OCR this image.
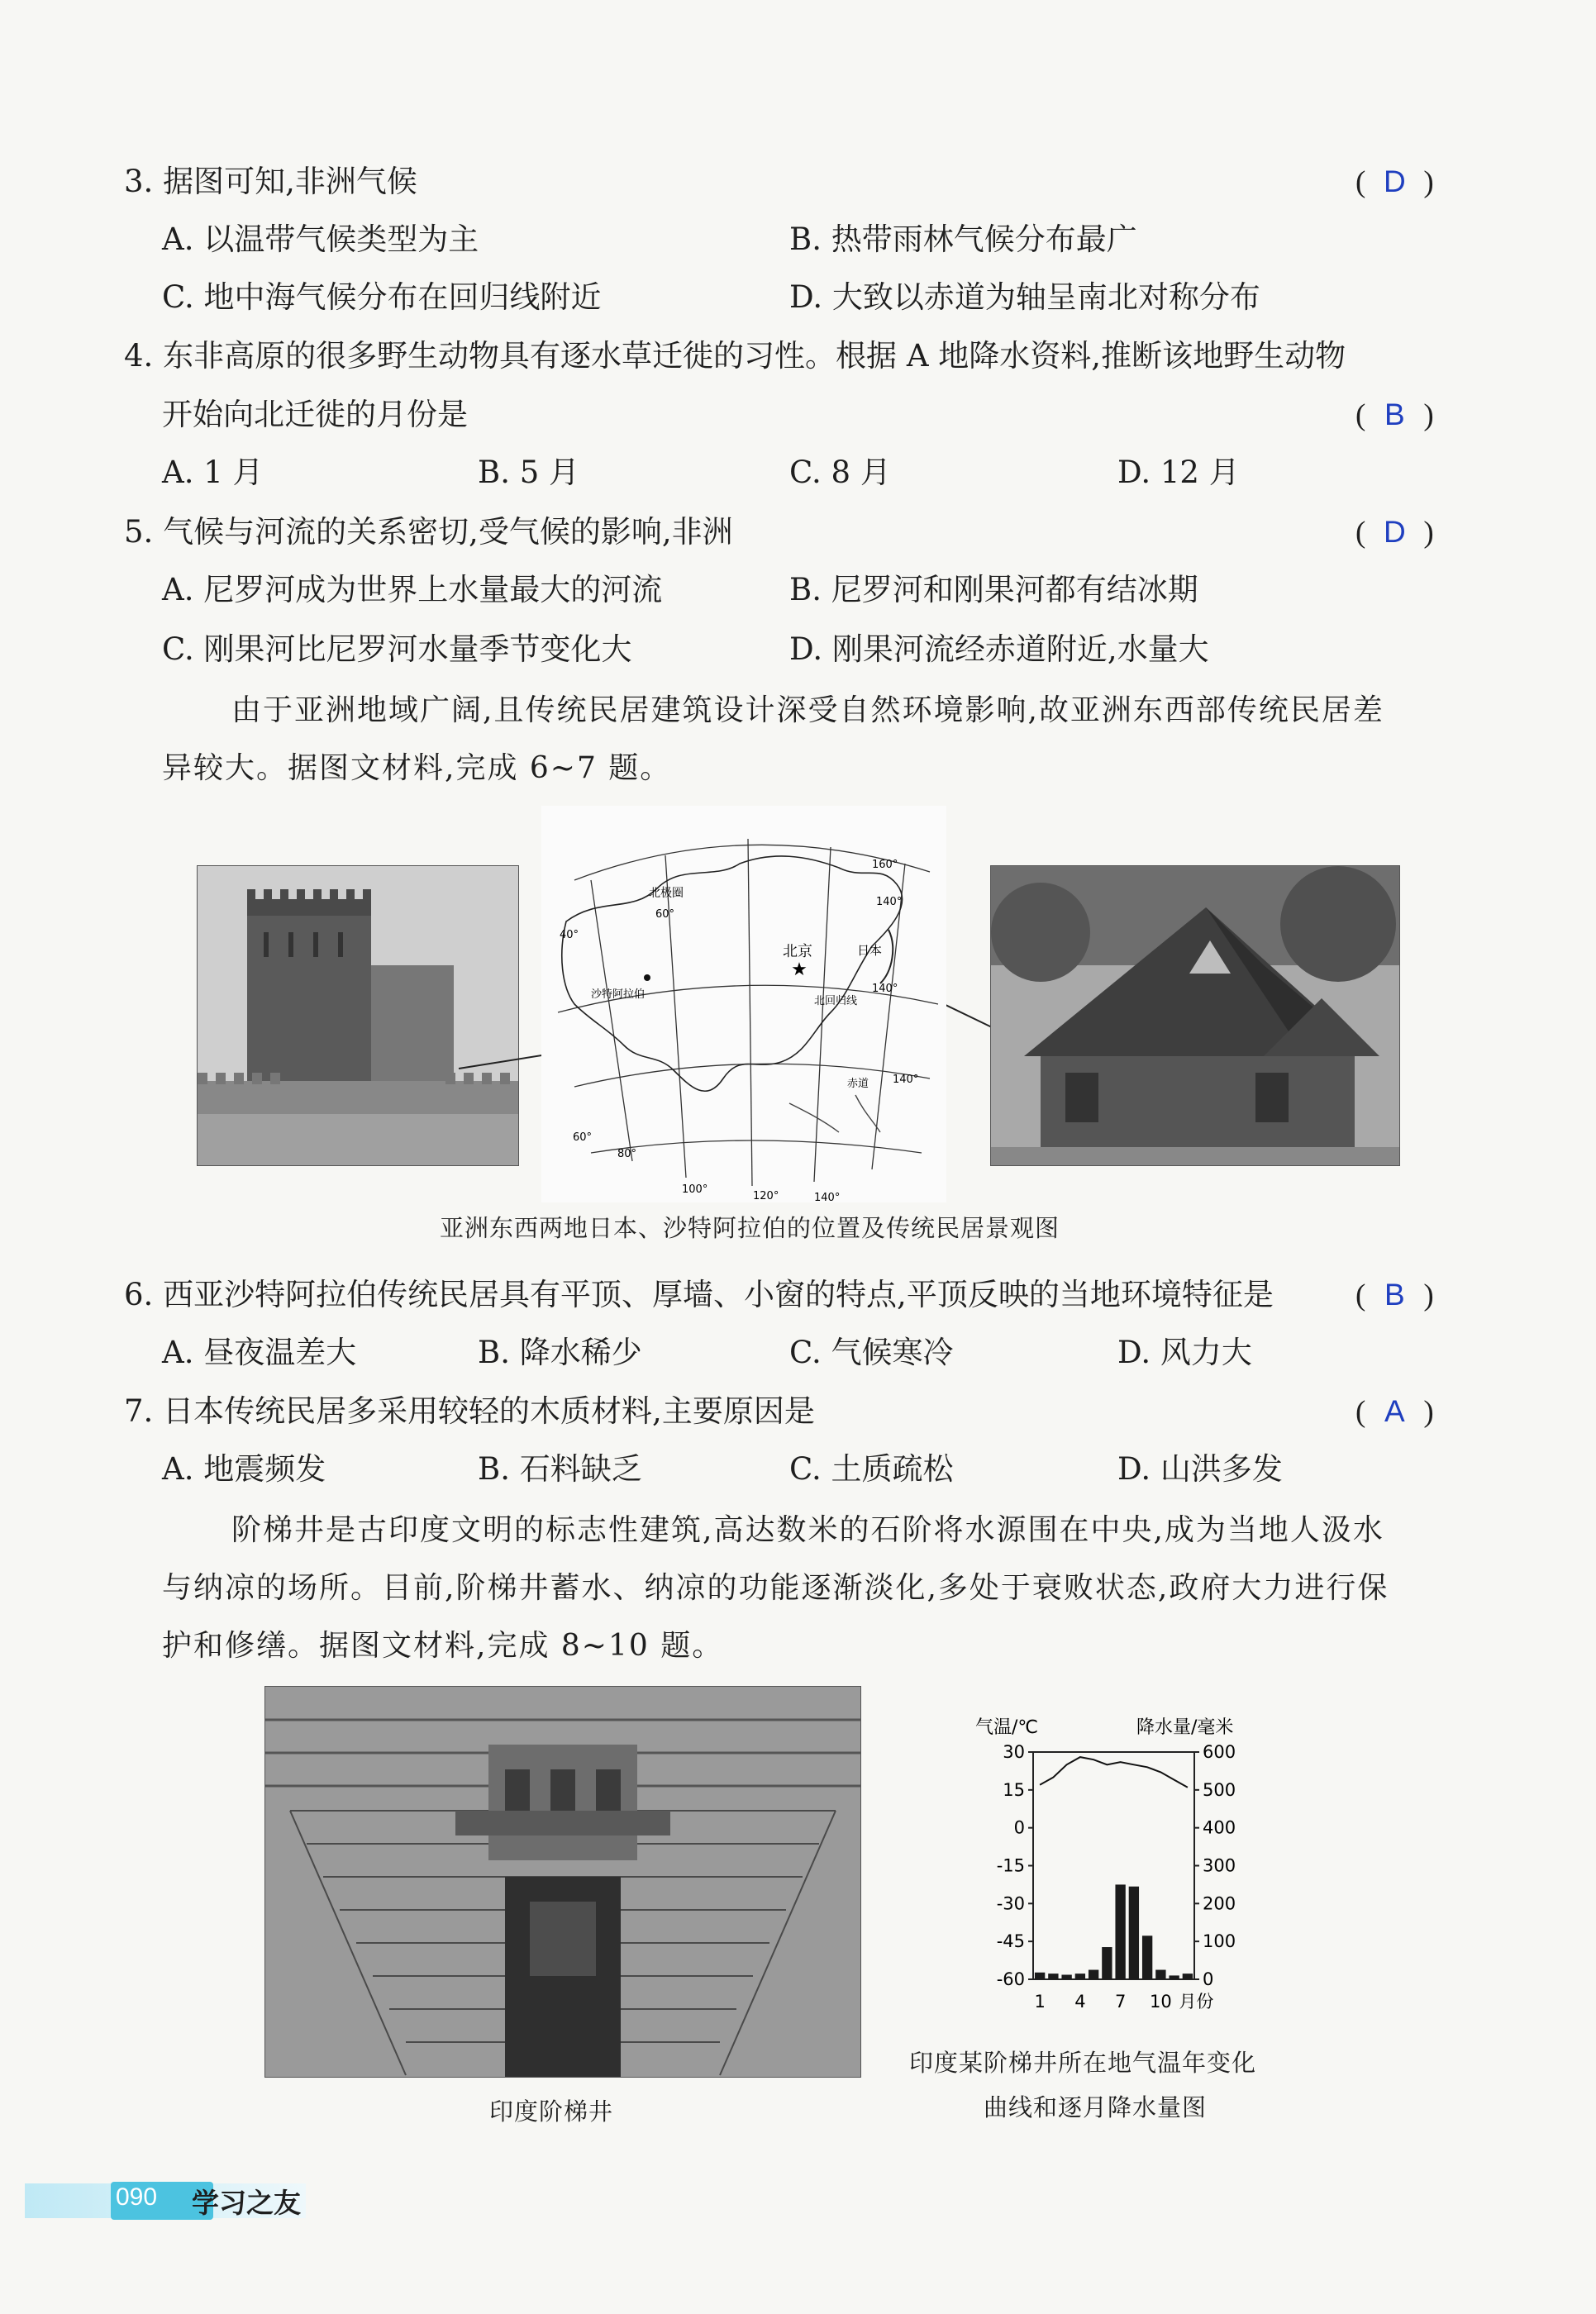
3. 据图可知,非洲气候	( D )
A. 以温带气候类型为主	B. 热带雨林气候分布最广
C. 地中海气候分布在回归线附近	D. 大致以赤道为轴呈南北对称分布
4. 东非高原的很多野生动物具有逐水草迁徙的习性。根据 A 地降水资料,推断该地野生动物
开始向北迁徙的月份是	( B )
A. 1 月	B. 5 月	C. 8 月	D. 12 月
5. 气候与河流的关系密切,受气候的影响,非洲	( D )
A. 尼罗河成为世界上水量最大的河流	B. 尼罗河和刚果河都有结冰期
C. 刚果河比尼罗河水量季节变化大	D. 刚果河流经赤道附近,水量大
由于亚洲地域广阔,且传统民居建筑设计深受自然环境影响,故亚洲东西部传统民居差
异较大。据图文材料,完成 6~7 题。
北京
★
日本
北极圈
60°
40°
沙特阿拉伯
北回归线
赤道
60°
80°
100°
120°	140°
160°
140°
140°
140°
亚洲东西两地日本、沙特阿拉伯的位置及传统民居景观图
6. 西亚沙特阿拉伯传统民居具有平顶、厚墙、小窗的特点,平顶反映的当地环境特征是	( B )
A. 昼夜温差大	B. 降水稀少	C. 气候寒冷	D. 风力大
7. 日本传统民居多采用较轻的木质材料,主要原因是	( A )
A. 地震频发	B. 石料缺乏	C. 土质疏松	D. 山洪多发
阶梯井是古印度文明的标志性建筑,高达数米的石阶将水源围在中央,成为当地人汲水
与纳凉的场所。目前,阶梯井蓄水、纳凉的功能逐渐淡化,多处于衰败状态,政府大力进行保
护和修缮。据图文材料,完成 8~10 题。
印度阶梯井
气温/℃	降水量/毫米
30
15
0
-15
-30
-45
-60
600
500
400
300
200
100
0
1 4 7 10 月份
印度某阶梯井所在地气温年变化
曲线和逐月降水量图
090 学习之友
